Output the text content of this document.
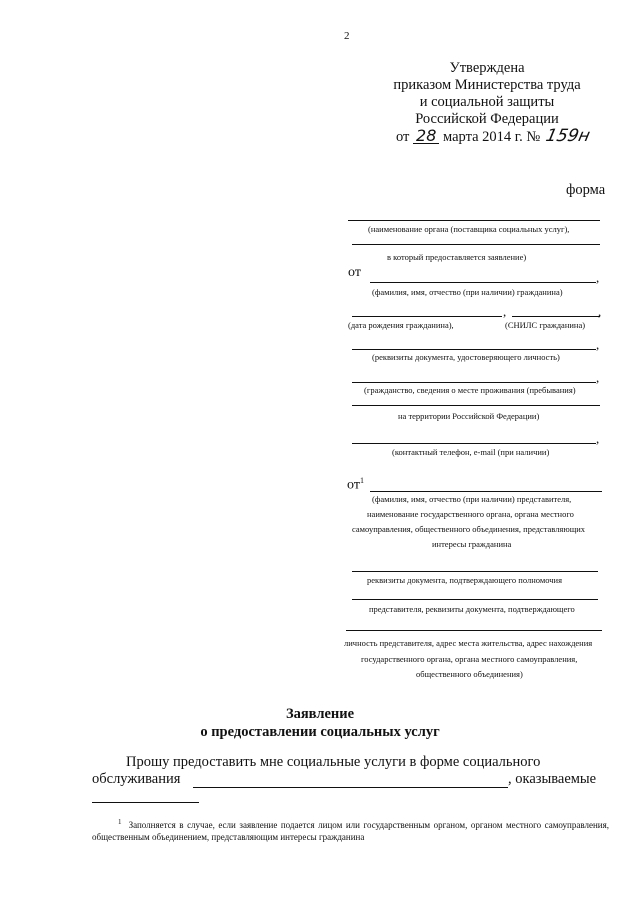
2
Утверждена
приказом Министерства труда
и социальной защиты
Российской Федерации
от 28 марта 2014 г. № 159н
форма
(наименование органа (поставщика социальных услуг),
в который предоставляется заявление)
от	,
(фамилия, имя, отчество (при наличии) гражданина)
,	,
(дата рождения гражданина),	(СНИЛС гражданина)
,
(реквизиты документа, удостоверяющего личность)
,
(гражданство, сведения о месте проживания (пребывания)
на территории Российской Федерации)
,
(контактный телефон, e-mail (при наличии)
$от^1$
(фамилия, имя, отчество (при наличии) представителя,
наименование государственного органа, органа местного
самоуправления, общественного объединения, представляющих
интересы гражданина
реквизиты документа, подтверждающего полномочия
представителя, реквизиты документа, подтверждающего
личность представителя, адрес места жительства, адрес нахождения
государственного органа, органа местного самоуправления,
общественного объединения)
Заявление
о предоставлении социальных услуг
Прошу предоставить мне социальные услуги в форме социального
обслуживания	, оказываемые
$^1$ Заполняется в случае, если заявление подается лицом или государственным органом, органом местного самоуправления, общественным объединением, представляющим интересы гражданина
